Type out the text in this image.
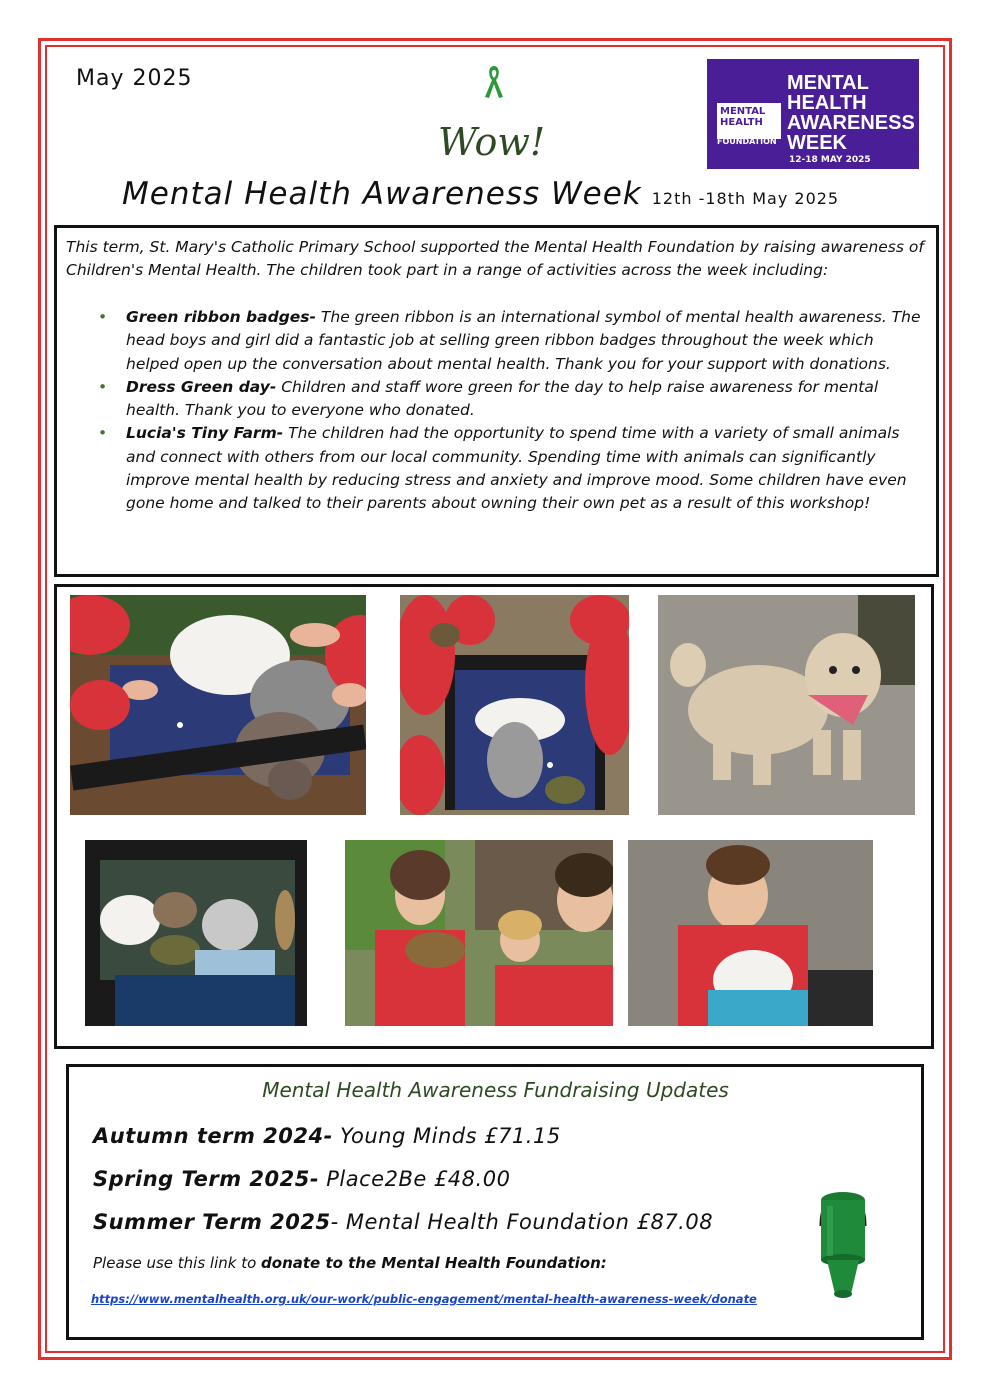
May 2025
Wow!
MENTAL HEALTH
FOUNDATION
MENTAL
HEALTH
AWARENESS
WEEK
12-18 MAY 2025
Mental Health Awareness Week 12th -18th May 2025
This term, St. Mary's Catholic Primary School supported the Mental Health Foundation by raising awareness of Children's Mental Health. The children took part in a range of activities across the week including:
• Green ribbon badges- The green ribbon is an international symbol of mental health awareness. The head boys and girl did a fantastic job at selling green ribbon badges throughout the week which helped open up the conversation about mental health. Thank you for your support with donations.
• Dress Green day- Children and staff wore green for the day to help raise awareness for mental health. Thank you to everyone who donated.
• Lucia's Tiny Farm- The children had the opportunity to spend time with a variety of small animals and connect with others from our local community. Spending time with animals can significantly improve mental health by reducing stress and anxiety and improve mood. Some children have even gone home and talked to their parents about owning their own pet as a result of this workshop!
Mental Health Awareness Fundraising Updates
Autumn term 2024- Young Minds £71.15
Spring Term 2025- Place2Be £48.00
Summer Term 2025- Mental Health Foundation £87.08
Please use this link to donate to the Mental Health Foundation:
https://www.mentalhealth.org.uk/our-work/public-engagement/mental-health-awareness-week/donate
